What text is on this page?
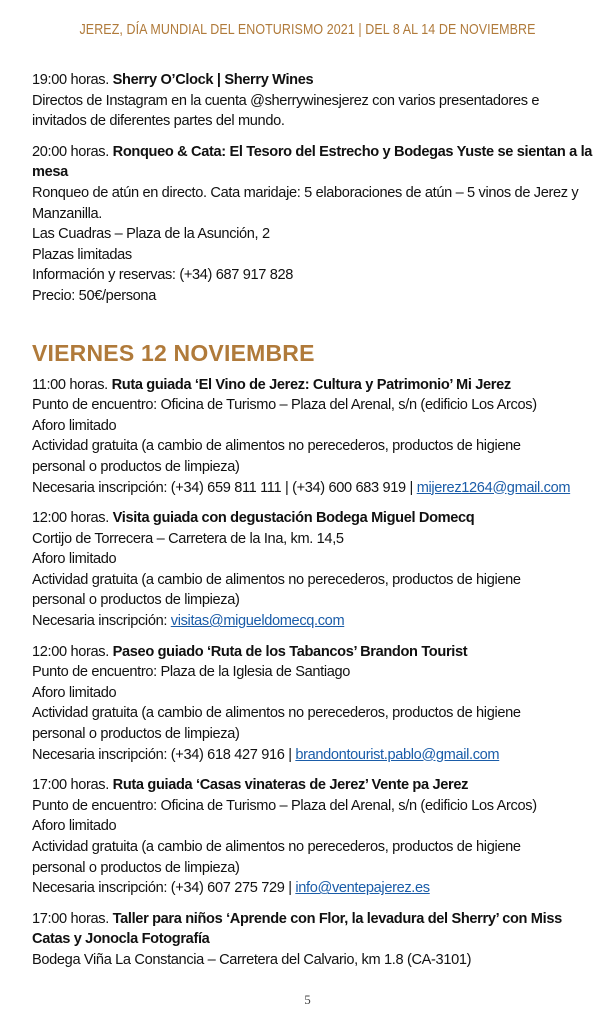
JEREZ, DÍA MUNDIAL DEL ENOTURISMO 2021 | DEL 8 AL 14 DE NOVIEMBRE
19:00 horas. Sherry O’Clock | Sherry Wines
Directos de Instagram en la cuenta @sherrywinesjerez con varios presentadores e
invitados de diferentes partes del mundo.
20:00 horas. Ronqueo & Cata: El Tesoro del Estrecho y Bodegas Yuste se sientan a la
mesa
Ronqueo de atún en directo. Cata maridaje: 5 elaboraciones de atún – 5 vinos de Jerez y
Manzanilla.
Las Cuadras – Plaza de la Asunción, 2
Plazas limitadas
Información y reservas: (+34) 687 917 828
Precio: 50€/persona
VIERNES 12 NOVIEMBRE
11:00 horas. Ruta guiada ‘El Vino de Jerez: Cultura y Patrimonio’ Mi Jerez
Punto de encuentro: Oficina de Turismo – Plaza del Arenal, s/n (edificio Los Arcos)
Aforo limitado
Actividad gratuita (a cambio de alimentos no perecederos, productos de higiene
personal o productos de limpieza)
Necesaria inscripción: (+34) 659 811 111 | (+34) 600 683 919 | mijerez1264@gmail.com
12:00 horas. Visita guiada con degustación Bodega Miguel Domecq
Cortijo de Torrecera – Carretera de la Ina, km. 14,5
Aforo limitado
Actividad gratuita (a cambio de alimentos no perecederos, productos de higiene
personal o productos de limpieza)
Necesaria inscripción: visitas@migueldomecq.com
12:00 horas. Paseo guiado ‘Ruta de los Tabancos’ Brandon Tourist
Punto de encuentro: Plaza de la Iglesia de Santiago
Aforo limitado
Actividad gratuita (a cambio de alimentos no perecederos, productos de higiene
personal o productos de limpieza)
Necesaria inscripción: (+34) 618 427 916 | brandontourist.pablo@gmail.com
17:00 horas. Ruta guiada ‘Casas vinateras de Jerez’ Vente pa Jerez
Punto de encuentro: Oficina de Turismo – Plaza del Arenal, s/n (edificio Los Arcos)
Aforo limitado
Actividad gratuita (a cambio de alimentos no perecederos, productos de higiene
personal o productos de limpieza)
Necesaria inscripción: (+34) 607 275 729 | info@ventepajerez.es
17:00 horas. Taller para niños ‘Aprende con Flor, la levadura del Sherry’ con Miss
Catas y Jonocla Fotografía
Bodega Viña La Constancia – Carretera del Calvario, km 1.8 (CA-3101)
5
